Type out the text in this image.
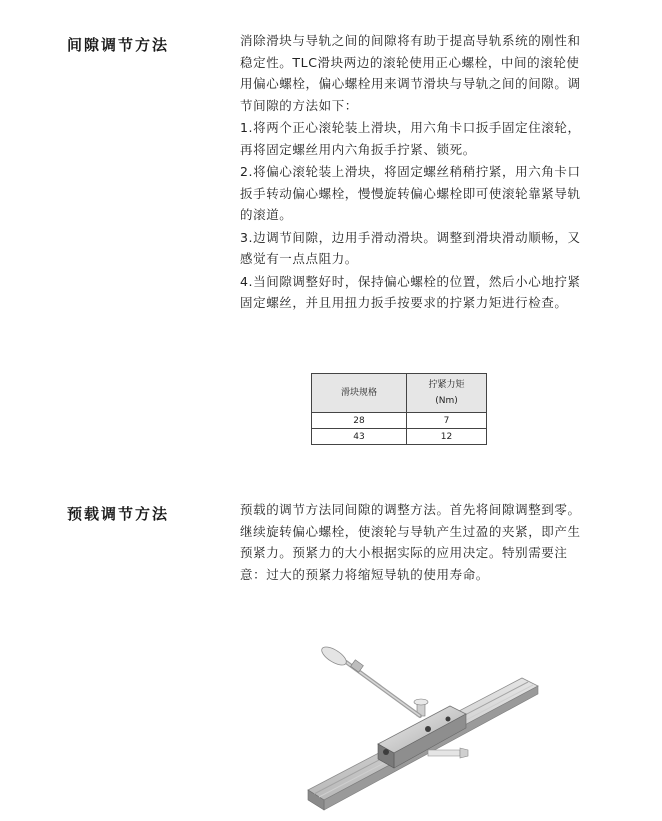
间隙调节方法	消除滑块与导轨之间的间隙将有助于提高导轨系统的刚性和稳定性。TLC滑块两边的滚轮使用正心螺栓，中间的滚轮使用偏心螺栓，偏心螺栓用来调节滑块与导轨之间的间隙。调节间隙的方法如下：

1.将两个正心滚轮装上滑块，用六角卡口扳手固定住滚轮，再将固定螺丝用内六角扳手拧紧、锁死。

2.将偏心滚轮装上滑块，将固定螺丝稍稍拧紧，用六角卡口扳手转动偏心螺栓，慢慢旋转偏心螺栓即可使滚轮靠紧导轨的滚道。

3.边调节间隙，边用手滑动滑块。调整到滑块滑动顺畅，又感觉有一点点阻力。

4.当间隙调整好时，保持偏心螺栓的位置，然后小心地拧紧固定螺丝，并且用扭力扳手按要求的拧紧力矩进行检查。

滑块规格	拧紧力矩
(Nm)
28	7
43	12
预载调节方法	预载的调节方法同间隙的调整方法。首先将间隙调整到零。继续旋转偏心螺栓，使滚轮与导轨产生过盈的夹紧，即产生预紧力。预紧力的大小根据实际的应用决定。特别需要注意：过大的预紧力将缩短导轨的使用寿命。
